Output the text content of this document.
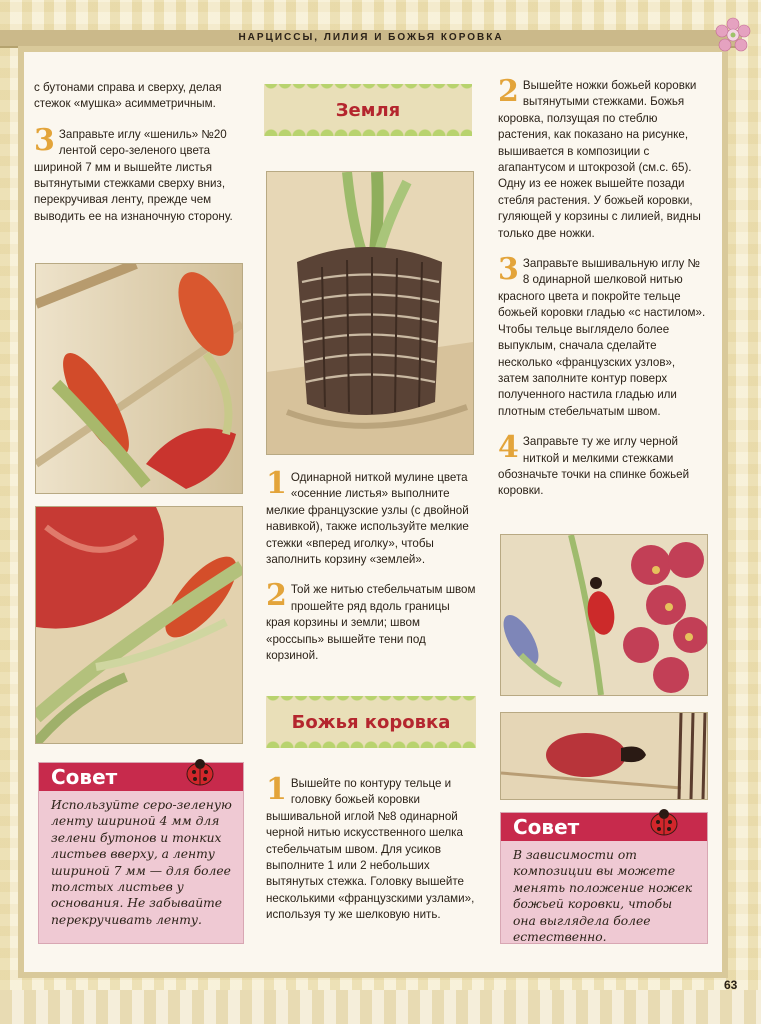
НАРЦИССЫ, ЛИЛИЯ И БОЖЬЯ КОРОВКА

с бутонами справа и сверху, делая стежок «мушка» асимметричным.

3 Заправьте иглу «шениль» №20 лентой серо-зеленого цвета шириной 7 мм и вышейте листья вытянутыми стежками сверху вниз, перекручивая ленту, прежде чем выводить ее на изнаночную сторону.

Совет
Используйте серо-зеленую ленту шириной 4 мм для зелени бутонов и тонких листьев вверху, а ленту шириной 7 мм — для более толстых листьев у основания. Не забывайте перекручивать ленту.
Земля

1 Одинарной ниткой мулине цвета «осенние листья» выполните мелкие французские узлы (с двойной навивкой), также используйте мелкие стежки «вперед иголку», чтобы заполнить корзину «землей».

2 Той же нитью стебельчатым швом прошейте ряд вдоль границы края корзины и земли; швом «россыпь» вышейте тени под корзиной.

Божья коровка

1 Вышейте по контуру тельце и головку божьей коровки вышивальной иглой №8 одинарной черной нитью искусственного шелка стебельчатым швом. Для усиков выполните 1 или 2 небольших вытянутых стежка. Головку вышейте несколькими «французскими узлами», используя ту же шелковую нить.

2 Вышейте ножки божьей коровки вытянутыми стежками. Божья коровка, ползущая по стеблю растения, как показано на рисунке, вышивается в композиции с агапантусом и штокрозой (см.с. 65). Одну из ее ножек вышейте позади стебля растения. У божьей коровки, гуляющей у корзины с лилией, видны только две ножки.

3 Заправьте вышивальную иглу № 8 одинарной шелковой нитью красного цвета и покройте тельце божьей коровки гладью «с настилом». Чтобы тельце выглядело более выпуклым, сначала сделайте несколько «французских узлов», затем заполните контур поверх полученного настила гладью или плотным стебельчатым швом.

4 Заправьте ту же иглу черной ниткой и мелкими стежками обозначьте точки на спинке божьей коровки.

Совет
В зависимости от композиции вы можете менять положение ножек божьей коровки, чтобы она выглядела более естественно.
63
